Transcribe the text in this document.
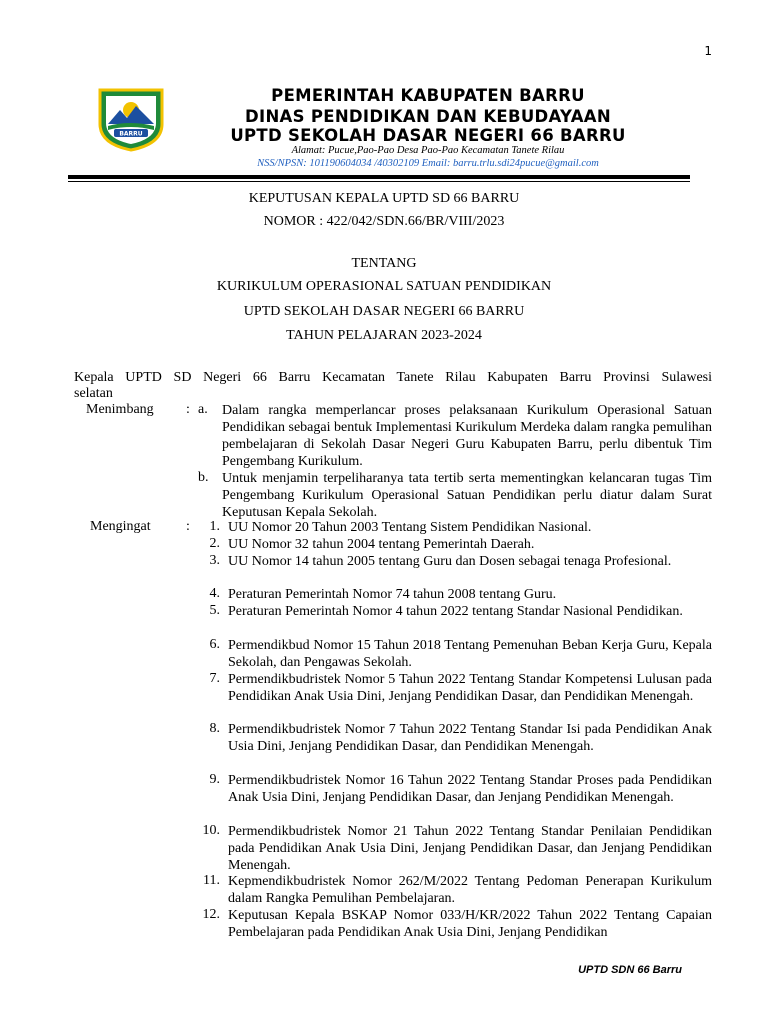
1
BARRU
PEMERINTAH KABUPATEN BARRU
DINAS PENDIDIKAN DAN KEBUDAYAAN
UPTD SEKOLAH DASAR NEGERI 66 BARRU
Alamat: Pucue,Pao-Pao Desa Pao-Pao Kecamatan Tanete Rilau
NSS/NPSN: 101190604034 /40302109 Email: barru.trlu.sdi24pucue@gmail.com
KEPUTUSAN KEPALA UPTD SD 66 BARRU
NOMOR : 422/042/SDN.66/BR/VIII/2023
TENTANG
KURIKULUM OPERASIONAL SATUAN PENDIDIKAN
UPTD SEKOLAH DASAR NEGERI 66 BARRU
TAHUN PELAJARAN 2023-2024
Kepala UPTD SD Negeri 66 Barru Kecamatan Tanete Rilau Kabupaten Barru Provinsi Sulawesi
selatan
Menimbang : a. Dalam rangka memperlancar proses pelaksanaan Kurikulum Operasional Satuan Pendidikan sebagai bentuk Implementasi Kurikulum Merdeka dalam rangka pemulihan pembelajaran di Sekolah Dasar Negeri Guru Kabupaten Barru, perlu dibentuk Tim Pengembang Kurikulum.
b. Untuk menjamin terpeliharanya tata tertib serta mementingkan kelancaran tugas Tim Pengembang Kurikulum Operasional Satuan Pendidikan perlu diatur dalam Surat Keputusan Kepala Sekolah.
Mengingat	:	1. UU Nomor 20 Tahun 2003 Tentang Sistem Pendidikan Nasional.
2. UU Nomor 32 tahun 2004 tentang Pemerintah Daerah.
3. UU Nomor 14 tahun 2005 tentang Guru dan Dosen sebagai tenaga Profesional.
4. Peraturan Pemerintah Nomor 74 tahun 2008 tentang Guru.
5. Peraturan Pemerintah Nomor 4 tahun 2022 tentang Standar Nasional Pendidikan.
6. Permendikbud Nomor 15 Tahun 2018 Tentang Pemenuhan Beban Kerja Guru, Kepala Sekolah, dan Pengawas Sekolah.
7. Permendikbudristek Nomor 5 Tahun 2022 Tentang Standar Kompetensi Lulusan pada Pendidikan Anak Usia Dini, Jenjang Pendidikan Dasar, dan Pendidikan Menengah.
8. Permendikbudristek Nomor 7 Tahun 2022 Tentang Standar Isi pada Pendidikan Anak Usia Dini, Jenjang Pendidikan Dasar, dan Pendidikan Menengah.
9. Permendikbudristek Nomor 16 Tahun 2022 Tentang Standar Proses pada Pendidikan Anak Usia Dini, Jenjang Pendidikan Dasar, dan Jenjang Pendidikan Menengah.
10. Permendikbudristek Nomor 21 Tahun 2022 Tentang Standar Penilaian Pendidikan pada Pendidikan Anak Usia Dini, Jenjang Pendidikan Dasar, dan Jenjang Pendidikan Menengah.
11. Kepmendikbudristek Nomor 262/M/2022 Tentang Pedoman Penerapan Kurikulum dalam Rangka Pemulihan Pembelajaran.
12. Keputusan Kepala BSKAP Nomor 033/H/KR/2022 Tahun 2022 Tentang Capaian Pembelajaran pada Pendidikan Anak Usia Dini, Jenjang Pendidikan
UPTD SDN 66 Barru
